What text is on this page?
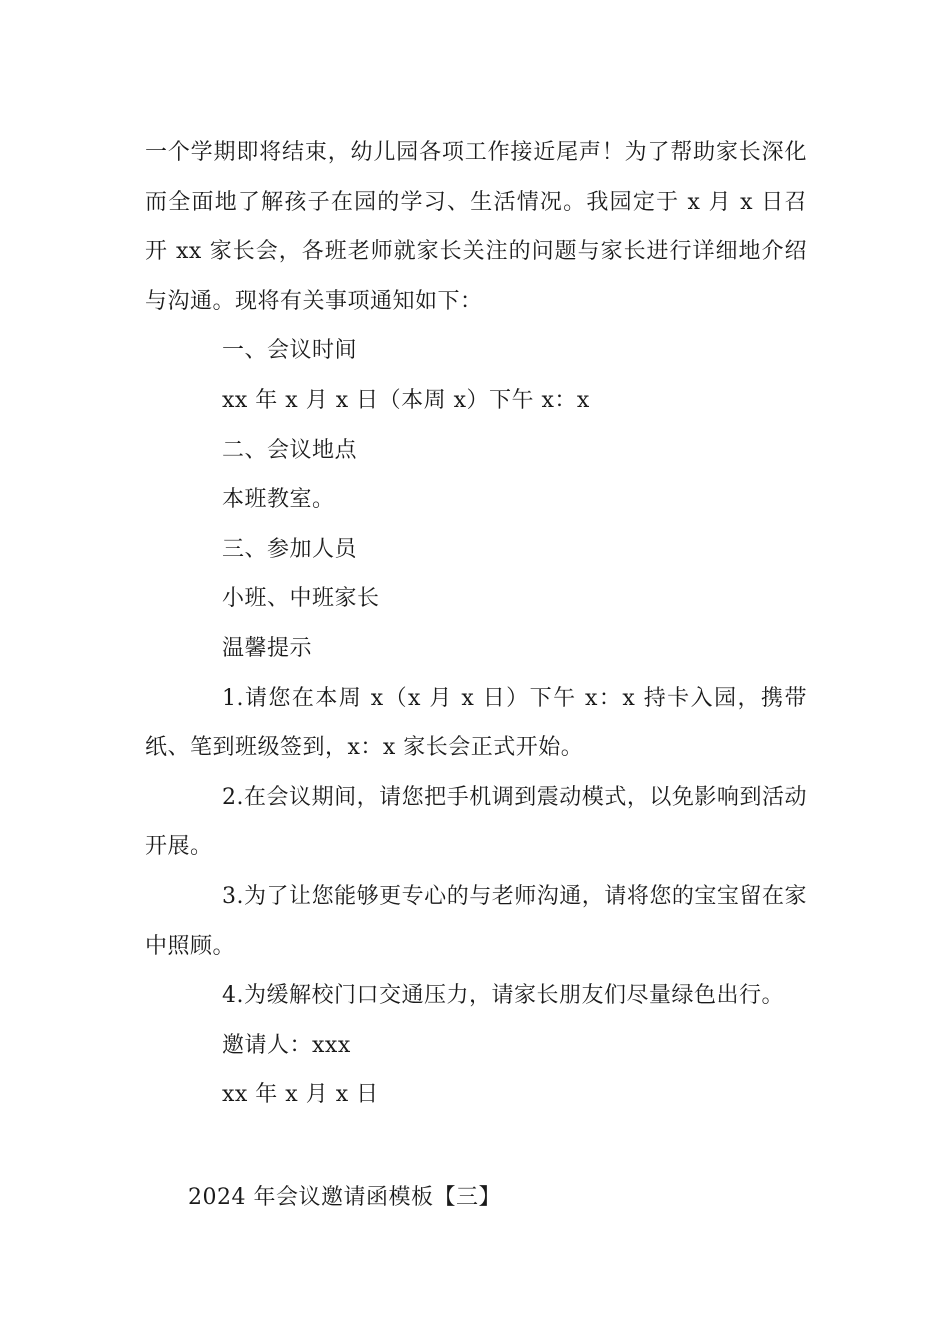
一个学期即将结束，幼儿园各项工作接近尾声！为了帮助家长深化而全面地了解孩子在园的学习、生活情况。我园定于 x 月 x 日召开 xx 家长会，各班老师就家长关注的问题与家长进行详细地介绍与沟通。现将有关事项通知如下：

一、会议时间

xx 年 x 月 x 日（本周 x）下午 x：x

二、会议地点

本班教室。

三、参加人员

小班、中班家长

温馨提示

1.请您在本周 x（x 月 x 日）下午 x：x 持卡入园，携带纸、笔到班级签到，x：x 家长会正式开始。

2.在会议期间，请您把手机调到震动模式，以免影响到活动开展。

3.为了让您能够更专心的与老师沟通，请将您的宝宝留在家中照顾。

4.为缓解校门口交通压力，请家长朋友们尽量绿色出行。

邀请人：xxx

xx 年 x 月 x 日

2024 年会议邀请函模板【三】
